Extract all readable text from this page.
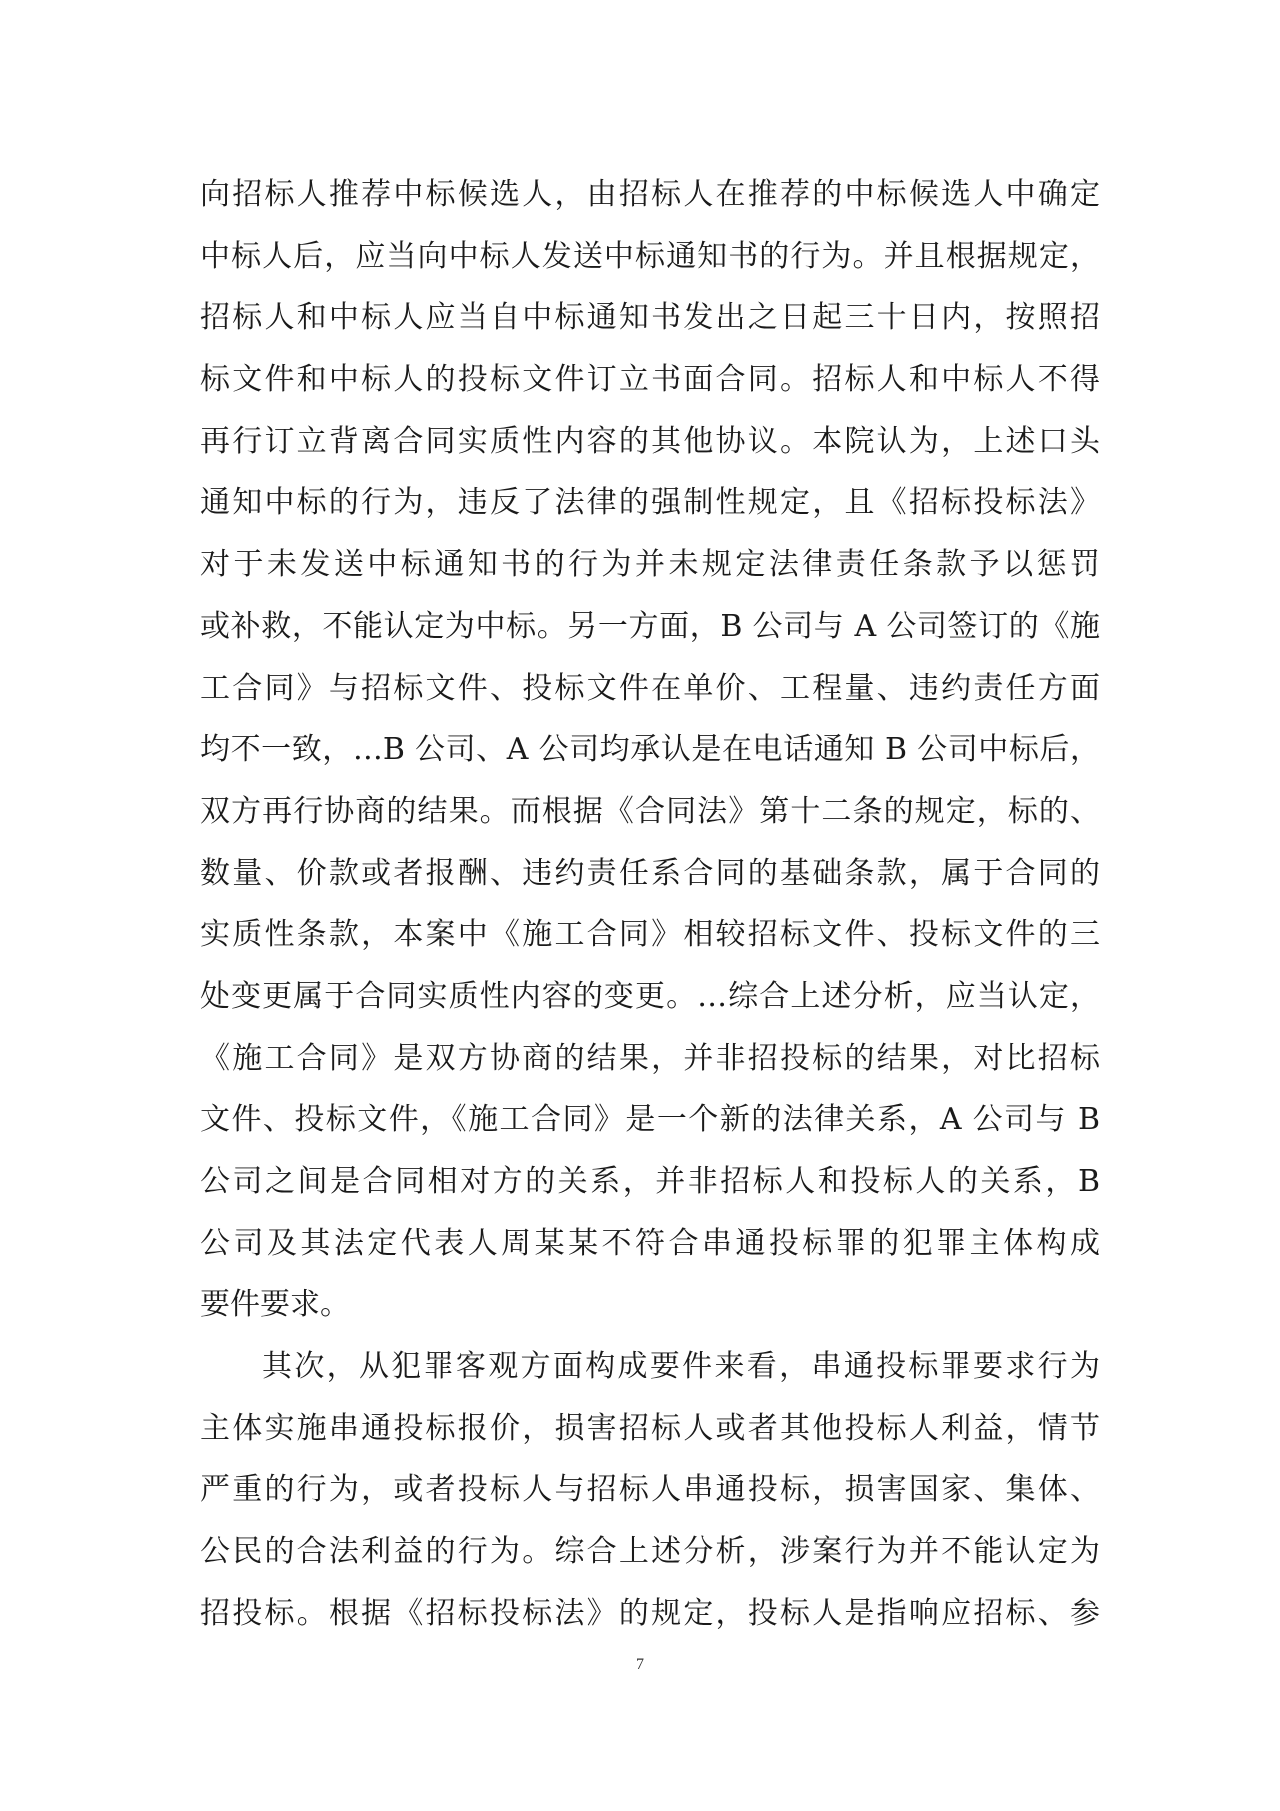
向招标人推荐中标候选人，由招标人在推荐的中标候选人中确定
中标人后，应当向中标人发送中标通知书的行为。并且根据规定，
招标人和中标人应当自中标通知书发出之日起三十日内，按照招
标文件和中标人的投标文件订立书面合同。招标人和中标人不得
再行订立背离合同实质性内容的其他协议。本院认为，上述口头
通知中标的行为，违反了法律的强制性规定，且《招标投标法》
对于未发送中标通知书的行为并未规定法律责任条款予以惩罚
或补救，不能认定为中标。另一方面，B 公司与 A 公司签订的《施
工合同》与招标文件、投标文件在单价、工程量、违约责任方面
均不一致，…B 公司、A 公司均承认是在电话通知 B 公司中标后，
双方再行协商的结果。而根据《合同法》第十二条的规定，标的、
数量、价款或者报酬、违约责任系合同的基础条款，属于合同的
实质性条款，本案中《施工合同》相较招标文件、投标文件的三
处变更属于合同实质性内容的变更。…综合上述分析，应当认定，
《施工合同》是双方协商的结果，并非招投标的结果，对比招标
文件、投标文件，《施工合同》是一个新的法律关系，A 公司与 B
公司之间是合同相对方的关系，并非招标人和投标人的关系，B
公司及其法定代表人周某某不符合串通投标罪的犯罪主体构成
要件要求。
其次，从犯罪客观方面构成要件来看，串通投标罪要求行为
主体实施串通投标报价，损害招标人或者其他投标人利益，情节
严重的行为，或者投标人与招标人串通投标，损害国家、集体、
公民的合法利益的行为。综合上述分析，涉案行为并不能认定为
招投标。根据《招标投标法》的规定，投标人是指响应招标、参
7
